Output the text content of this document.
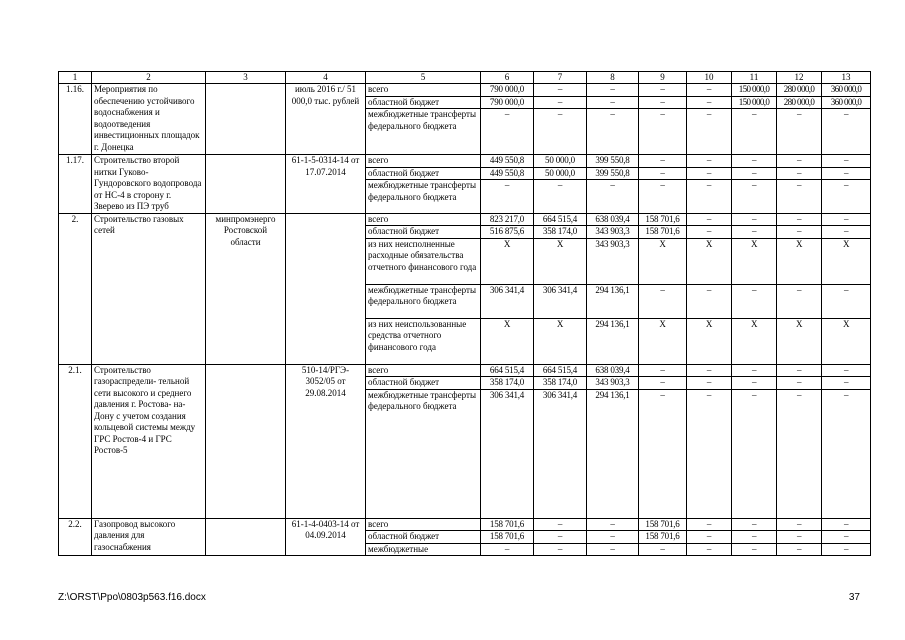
1	2	3	4	5	6	7	8	9	10	11	12	13
1.16.	Мероприятия по обеспечению устойчивого водоснабжения и водоотведения инвестиционных площадок г. Донецка		июль 2016 г./ 51 000,0 тыс. рублей	всего	790 000,0	–	–	–	–	150 000,0	280 000,0	360 000,0
				областной бюджет	790 000,0	–	–	–	–	150 000,0	280 000,0	360 000,0
				межбюджетные трансферты федерального бюджета	–	–	–	–	–	–	–	–
1.17.	Строительство второй нитки Гуково-Гундоровского водопровода от НС-4 в сторону г. Зверево из ПЭ труб		61-1-5-0314-14 от 17.07.2014	всего	449 550,8	50 000,0	399 550,8	–	–	–	–	–
				областной бюджет	449 550,8	50 000,0	399 550,8	–	–	–	–	–
				межбюджетные трансферты федерального бюджета	–	–	–	–	–	–	–	–
2.	Строительство газовых сетей	минпромэнерго Ростовской области		всего	823 217,0	664 515,4	638 039,4	158 701,6	–	–	–	–
				областной бюджет	516 875,6	358 174,0	343 903,3	158 701,6	–	–	–	–
				из них неисполненные расходные обязательства отчетного финансового года	X	X	343 903,3	X	X	X	X	X
				межбюджетные трансферты федерального бюджета	306 341,4	306 341,4	294 136,1	–	–	–	–	–
				из них неиспользованные средства отчетного финансового года	X	X	294 136,1	X	X	X	X	X
2.1.	Строительство газораспредели- тельной сети высокого и среднего давления г. Ростова- на-Дону с учетом создания кольцевой системы между ГРС Ростов-4 и ГРС Ростов-5		510-14/РГЭ- 3052/05 от 29.08.2014	всего	664 515,4	664 515,4	638 039,4	–	–	–	–	–
				областной бюджет	358 174,0	358 174,0	343 903,3	–	–	–	–	–
				межбюджетные трансферты федерального бюджета	306 341,4	306 341,4	294 136,1	–	–	–	–	–
2.2.	Газопровод высокого давления для газоснабжения		61-1-4-0403-14 от 04.09.2014	всего	158 701,6	–	–	158 701,6	–	–	–	–
				областной бюджет	158 701,6	–	–	158 701,6	–	–	–	–
				межбюджетные	–	–	–	–	–	–	–	–
Z:\ORST\Ppo\0803p563.f16.docx	37
